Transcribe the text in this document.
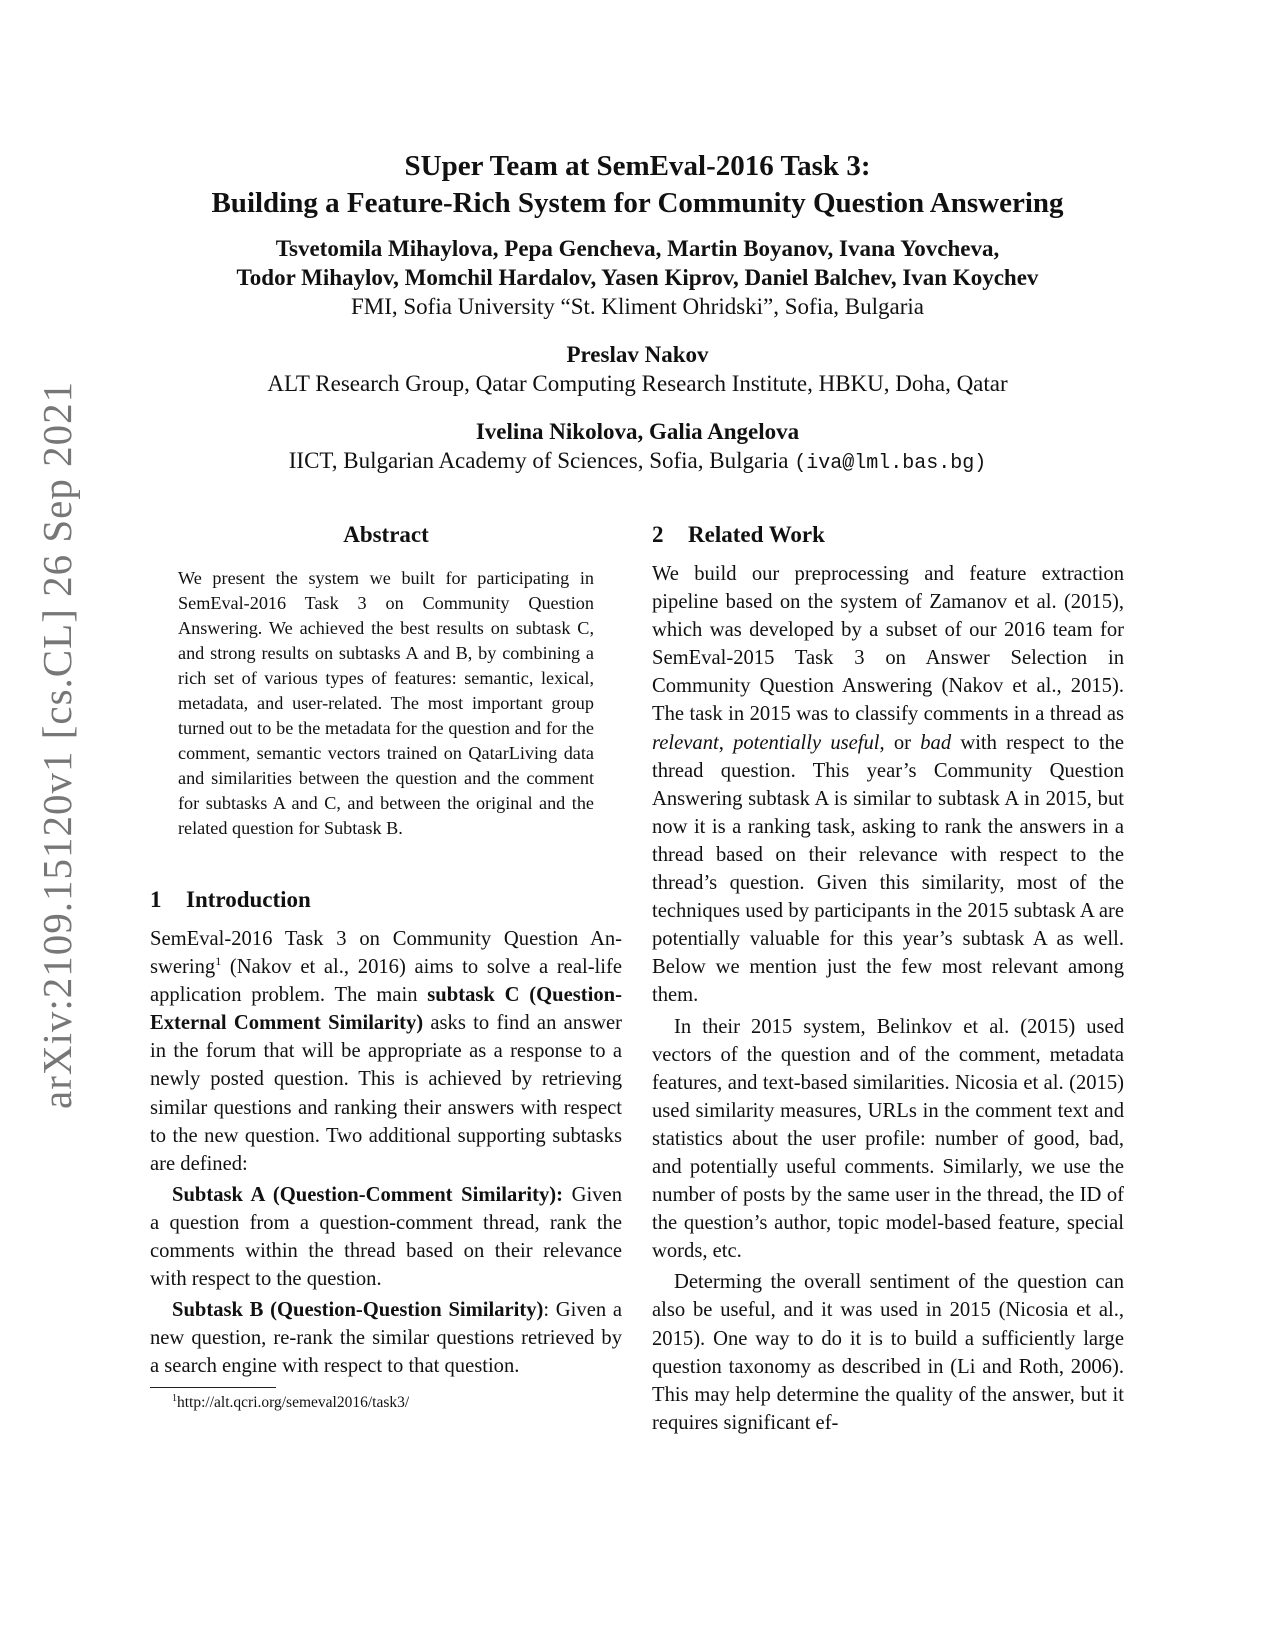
arXiv:2109.15120v1 [cs.CL] 26 Sep 2021
SUper Team at SemEval-2016 Task 3:
Building a Feature-Rich System for Community Question Answering
Tsvetomila Mihaylova, Pepa Gencheva, Martin Boyanov, Ivana Yovcheva,
Todor Mihaylov, Momchil Hardalov, Yasen Kiprov, Daniel Balchev, Ivan Koychev
FMI, Sofia University “St. Kliment Ohridski”, Sofia, Bulgaria
Preslav Nakov
ALT Research Group, Qatar Computing Research Institute, HBKU, Doha, Qatar
Ivelina Nikolova, Galia Angelova
IICT, Bulgarian Academy of Sciences, Sofia, Bulgaria (iva@lml.bas.bg)
Abstract

We present the system we built for participating in SemEval-2016 Task 3 on Community Question Answering. We achieved the best results on subtask C, and strong results on subtasks A and B, by combining a rich set of various types of features: semantic, lexical, metadata, and user-related. The most important group turned out to be the metadata for the question and for the comment, semantic vectors trained on QatarLiving data and similarities between the question and the comment for subtasks A and C, and between the original and the related question for Subtask B.

1 Introduction

SemEval-2016 Task 3 on Community Question Answering$^1$ (Nakov et al., 2016) aims to solve a real-life application problem. The main subtask C (Question-External Comment Similarity) asks to find an answer in the forum that will be appropriate as a response to a newly posted question. This is achieved by retrieving similar questions and ranking their answers with respect to the new question. Two additional supporting subtasks are defined:

Subtask A (Question-Comment Similarity): Given a question from a question-comment thread, rank the comments within the thread based on their relevance with respect to the question.

Subtask B (Question-Question Similarity): Given a new question, re-rank the similar questions retrieved by a search engine with respect to that question.

$^1$http://alt.qcri.org/semeval2016/task3/
2 Related Work

We build our preprocessing and feature extraction pipeline based on the system of Zamanov et al. (2015), which was developed by a subset of our 2016 team for SemEval-2015 Task 3 on Answer Selection in Community Question Answering (Nakov et al., 2015). The task in 2015 was to classify comments in a thread as relevant, potentially useful, or bad with respect to the thread question. This year’s Community Question Answering subtask A is similar to subtask A in 2015, but now it is a ranking task, asking to rank the answers in a thread based on their relevance with respect to the thread’s question. Given this similarity, most of the techniques used by participants in the 2015 subtask A are potentially valuable for this year’s subtask A as well. Below we mention just the few most relevant among them.

In their 2015 system, Belinkov et al. (2015) used vectors of the question and of the comment, metadata features, and text-based similarities. Nicosia et al. (2015) used similarity measures, URLs in the comment text and statistics about the user profile: number of good, bad, and potentially useful comments. Similarly, we use the number of posts by the same user in the thread, the ID of the question’s author, topic model-based feature, special words, etc.

Determing the overall sentiment of the question can also be useful, and it was used in 2015 (Nicosia et al., 2015). One way to do it is to build a sufficiently large question taxonomy as described in (Li and Roth, 2006). This may help determine the quality of the answer, but it requires significant ef-
